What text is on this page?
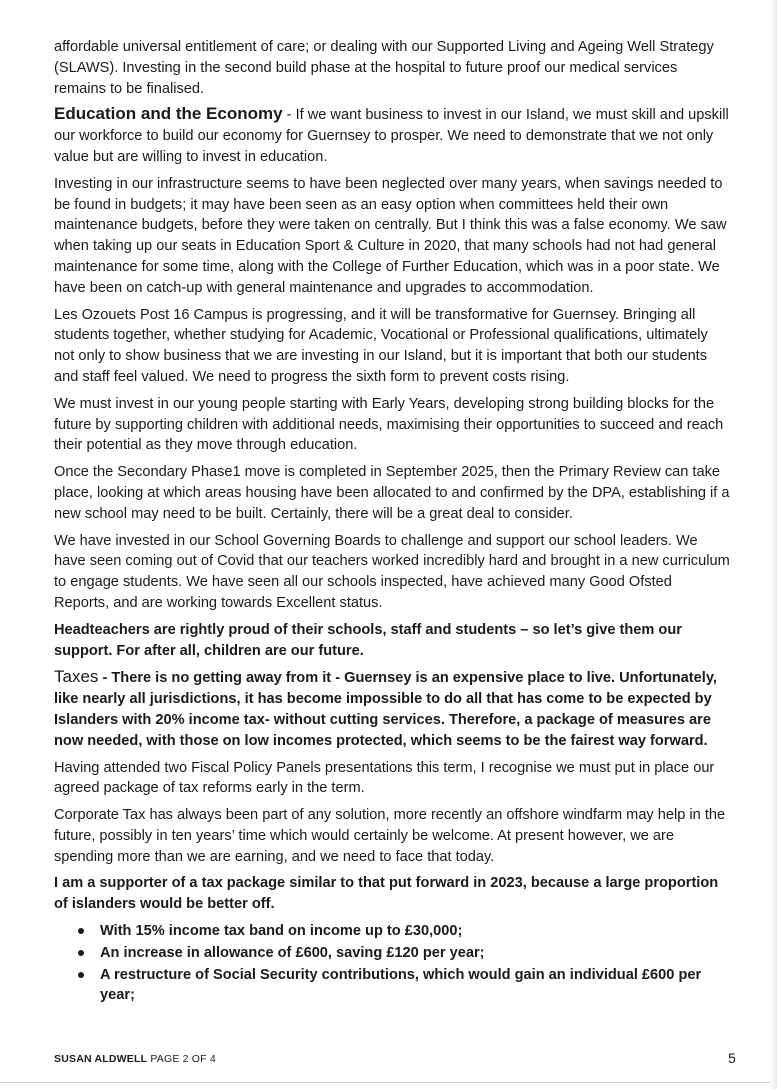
affordable universal entitlement of care; or dealing with our Supported Living and Ageing Well Strategy (SLAWS). Investing in the second build phase at the hospital to future proof our medical services remains to be finalised.

Education and the Economy - If we want business to invest in our Island, we must skill and upskill our workforce to build our economy for Guernsey to prosper. We need to demonstrate that we not only value but are willing to invest in education.

Investing in our infrastructure seems to have been neglected over many years, when savings needed to be found in budgets; it may have been seen as an easy option when committees held their own maintenance budgets, before they were taken on centrally. But I think this was a false economy. We saw when taking up our seats in Education Sport & Culture in 2020, that many schools had not had general maintenance for some time, along with the College of Further Education, which was in a poor state. We have been on catch-up with general maintenance and upgrades to accommodation.

Les Ozouets Post 16 Campus is progressing, and it will be transformative for Guernsey. Bringing all students together, whether studying for Academic, Vocational or Professional qualifications, ultimately not only to show business that we are investing in our Island, but it is important that both our students and staff feel valued. We need to progress the sixth form to prevent costs rising.

We must invest in our young people starting with Early Years, developing strong building blocks for the future by supporting children with additional needs, maximising their opportunities to succeed and reach their potential as they move through education.

Once the Secondary Phase1 move is completed in September 2025, then the Primary Review can take place, looking at which areas housing have been allocated to and confirmed by the DPA, establishing if a new school may need to be built. Certainly, there will be a great deal to consider.

We have invested in our School Governing Boards to challenge and support our school leaders. We have seen coming out of Covid that our teachers worked incredibly hard and brought in a new curriculum to engage students. We have seen all our schools inspected, have achieved many Good Ofsted Reports, and are working towards Excellent status.

Headteachers are rightly proud of their schools, staff and students – so let’s give them our support. For after all, children are our future.

Taxes - There is no getting away from it - Guernsey is an expensive place to live. Unfortunately, like nearly all jurisdictions, it has become impossible to do all that has come to be expected by Islanders with 20% income tax- without cutting services. Therefore, a package of measures are now needed, with those on low incomes protected, which seems to be the fairest way forward.

Having attended two Fiscal Policy Panels presentations this term, I recognise we must put in place our agreed package of tax reforms early in the term.

Corporate Tax has always been part of any solution, more recently an offshore windfarm may help in the future, possibly in ten years’ time which would certainly be welcome. At present however, we are spending more than we are earning, and we need to face that today.

I am a supporter of a tax package similar to that put forward in 2023, because a large proportion of islanders would be better off.

With 15% income tax band on income up to £30,000;
An increase in allowance of £600, saving £120 per year;
A restructure of Social Security contributions, which would gain an individual £600 per year;
SUSAN ALDWELL PAGE 2 OF 4	5
